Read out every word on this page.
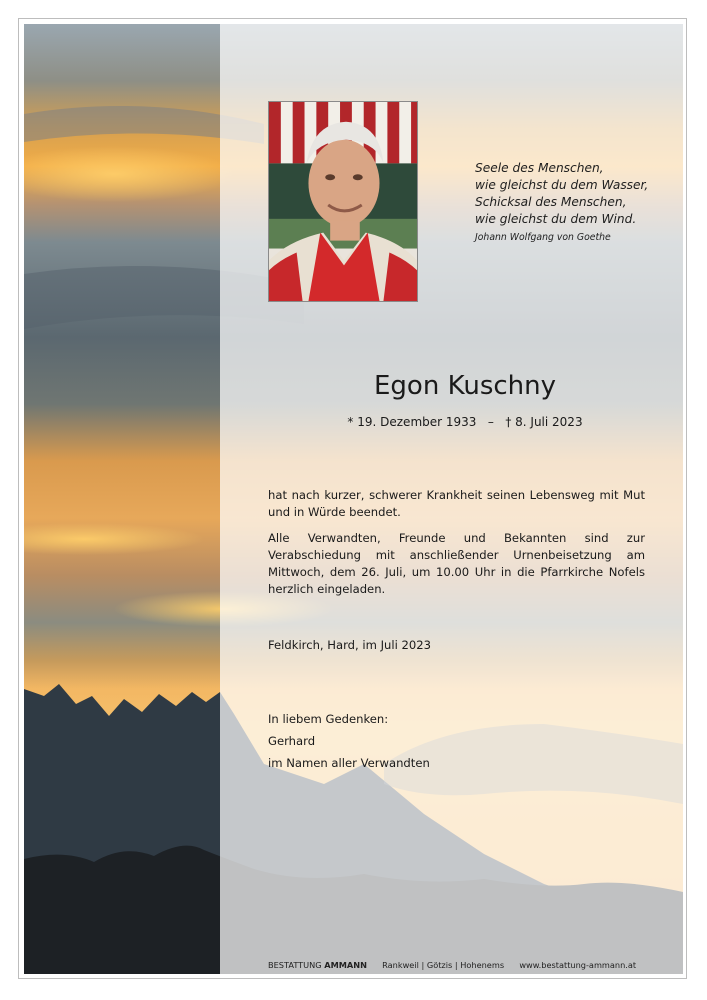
Seele des Menschen,
wie gleichst du dem Wasser,
Schicksal des Menschen,
wie gleichst du dem Wind.
Johann Wolfgang von Goethe
Egon Kuschny
* 19. Dezember 1933 – † 8. Juli 2023
hat nach kurzer, schwerer Krankheit seinen Lebensweg mit Mut und in Würde beendet.
Alle Verwandten, Freunde und Bekannten sind zur Verabschiedung mit anschließender Urnenbeisetzung am Mittwoch, dem 26. Juli, um 10.00 Uhr in die Pfarrkirche Nofels herzlich eingeladen.
Feldkirch, Hard, im Juli 2023
In liebem Gedenken:
Gerhard
im Namen aller Verwandten
BESTATTUNG AMMANN Rankweil | Götzis | Hohenems www.bestattung-ammann.at
